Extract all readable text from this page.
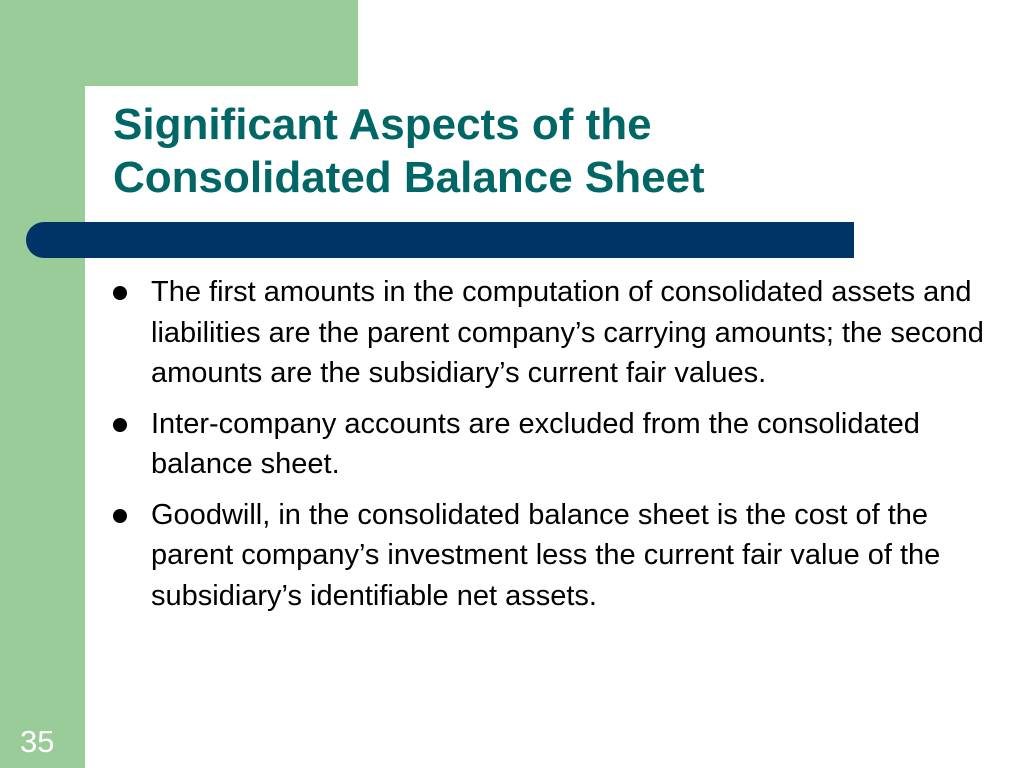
Significant Aspects of the
Consolidated Balance Sheet
The first amounts in the computation of consolidated assets and liabilities are the parent company’s carrying amounts; the second amounts are the subsidiary’s current fair values.
Inter-company accounts are excluded from the consolidated balance sheet.
Goodwill, in the consolidated balance sheet is the cost of the parent company’s investment less the current fair value of the subsidiary’s identifiable net assets.
35
